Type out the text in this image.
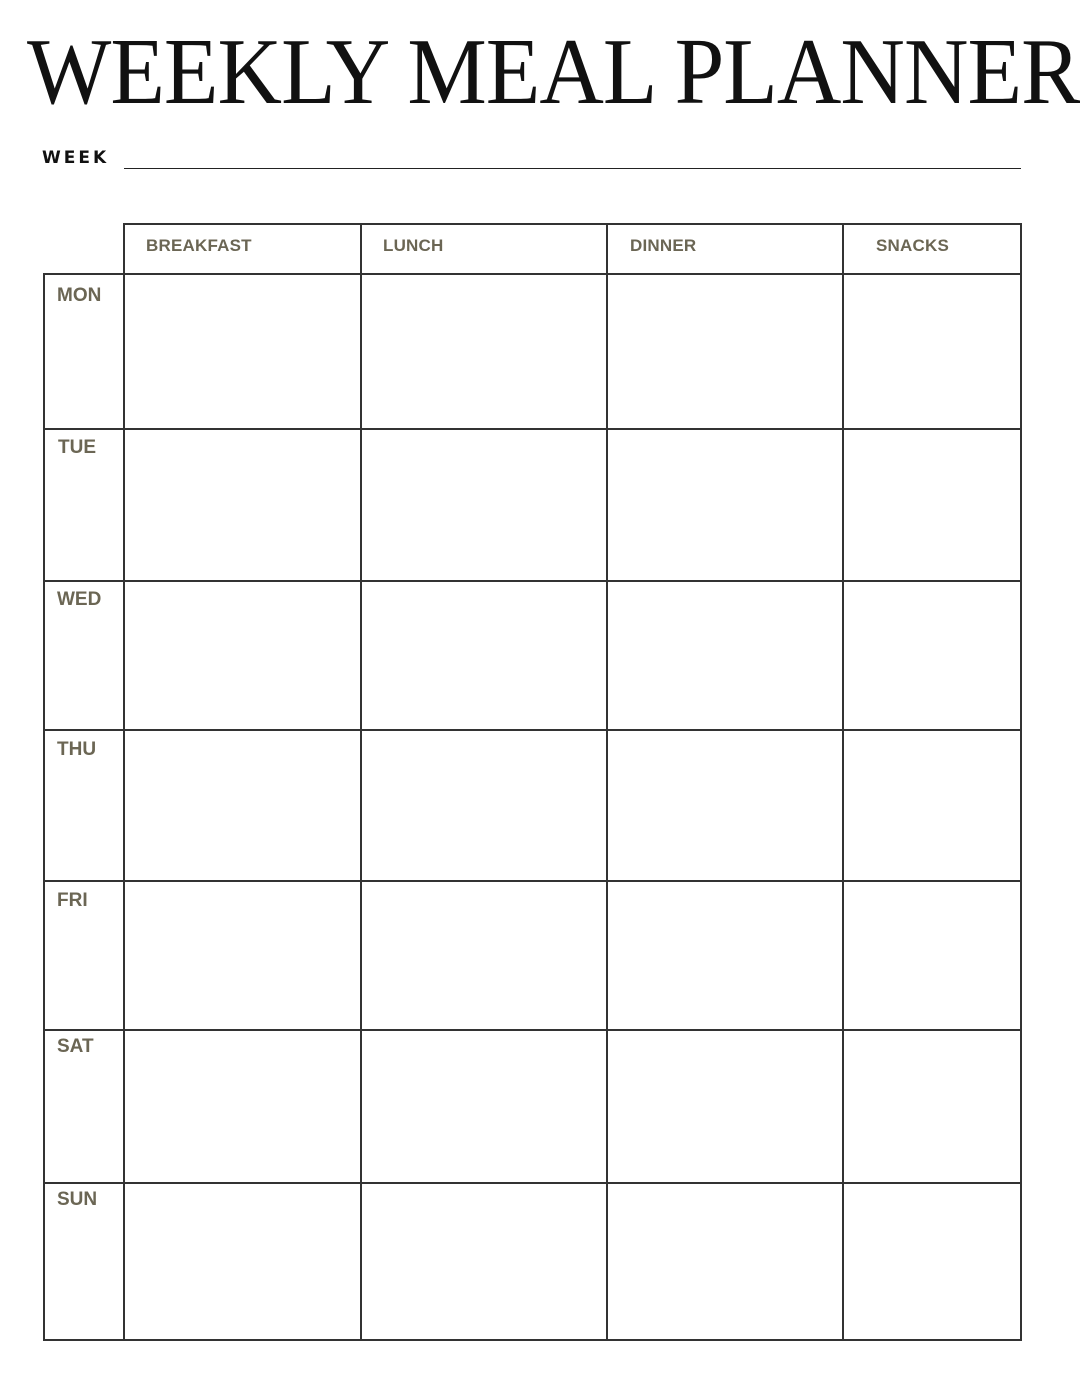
WEEKLY MEAL PLANNER
WEEK
BREAKFAST	LUNCH	DINNER	SNACKS
MON
TUE
WED
THU
FRI
SAT
SUN
